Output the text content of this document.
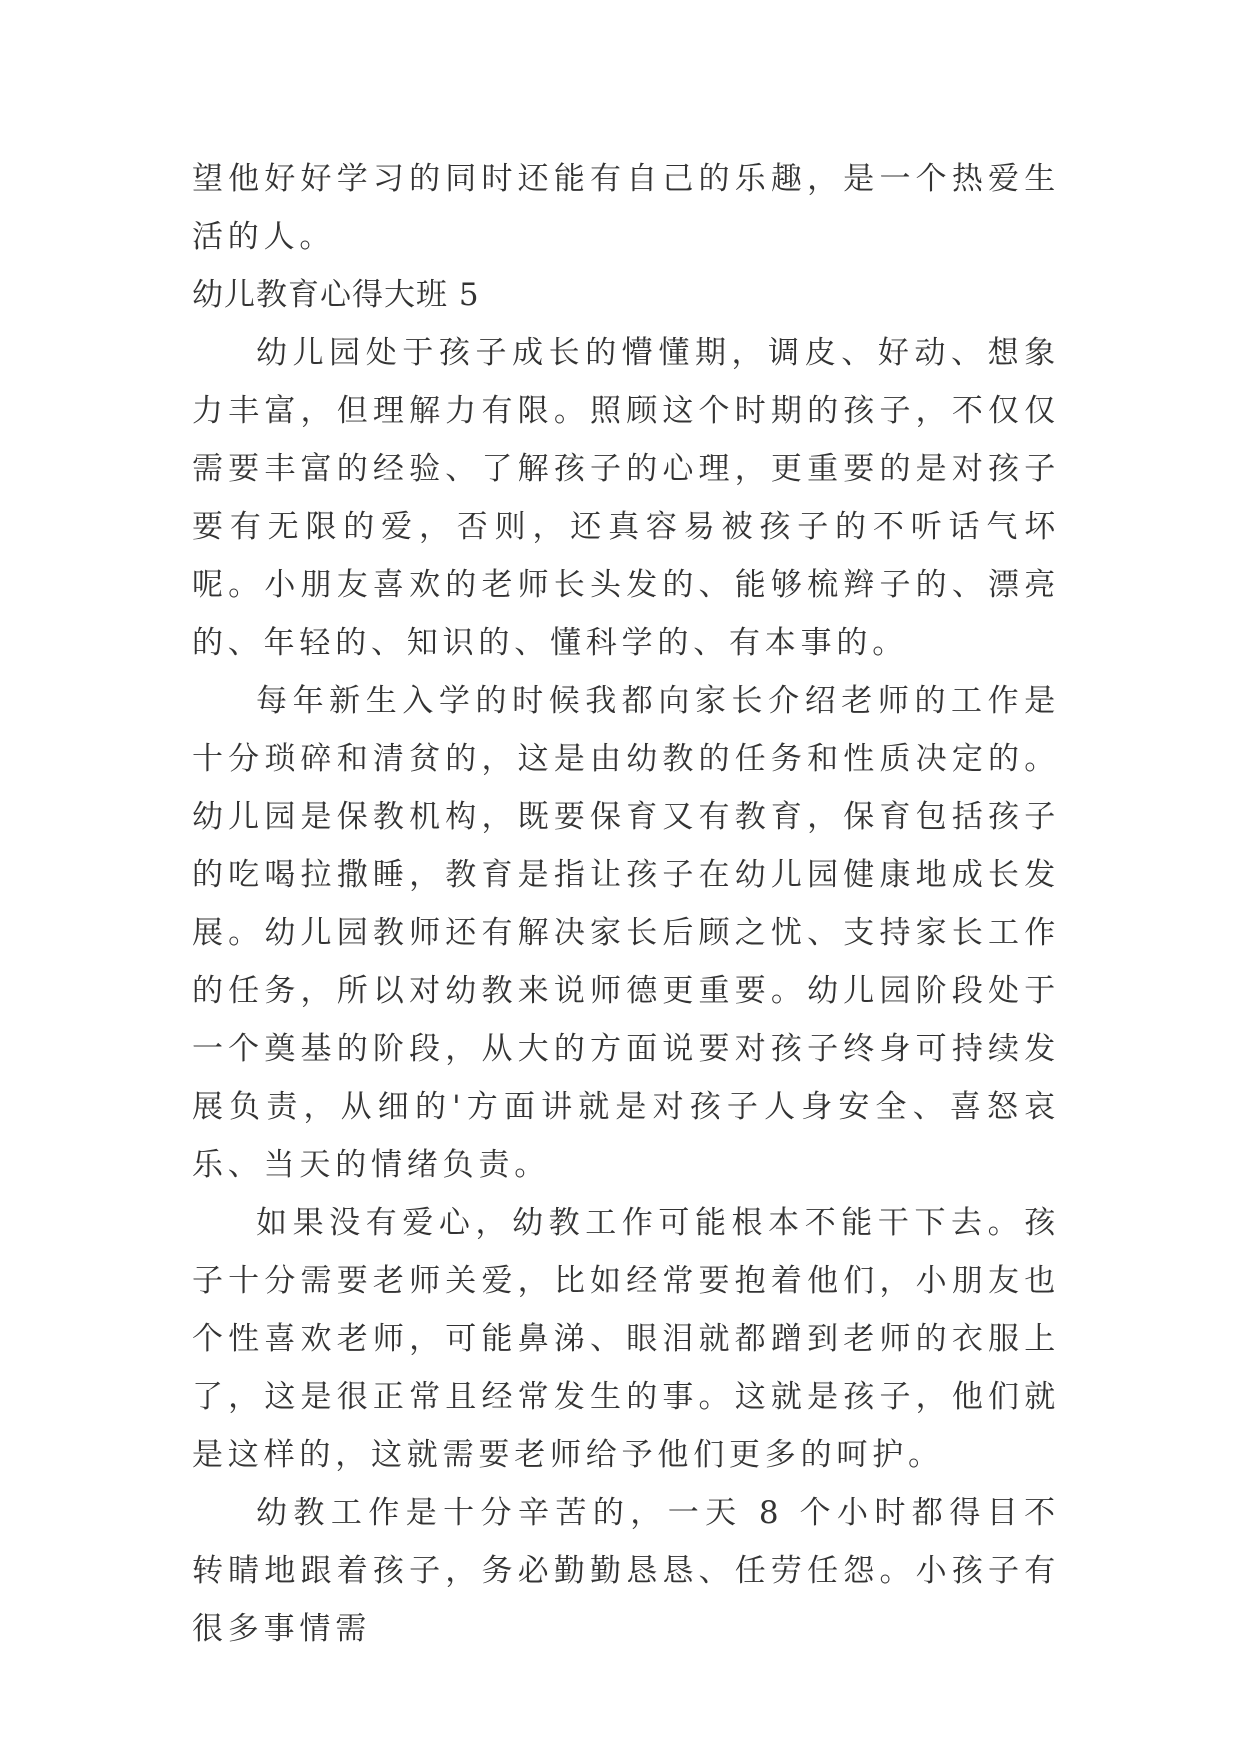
望他好好学习的同时还能有自己的乐趣，是一个热爱生活的人。

幼儿教育心得大班 5

幼儿园处于孩子成长的懵懂期，调皮、好动、想象力丰富，但理解力有限。照顾这个时期的孩子，不仅仅需要丰富的经验、了解孩子的心理，更重要的是对孩子要有无限的爱，否则，还真容易被孩子的不听话气坏呢。小朋友喜欢的老师长头发的、能够梳辫子的、漂亮的、年轻的、知识的、懂科学的、有本事的。

每年新生入学的时候我都向家长介绍老师的工作是十分琐碎和清贫的，这是由幼教的任务和性质决定的。幼儿园是保教机构，既要保育又有教育，保育包括孩子的吃喝拉撒睡，教育是指让孩子在幼儿园健康地成长发展。幼儿园教师还有解决家长后顾之忧、支持家长工作的任务，所以对幼教来说师德更重要。幼儿园阶段处于一个奠基的阶段，从大的方面说要对孩子终身可持续发展负责，从细的'方面讲就是对孩子人身安全、喜怒哀乐、当天的情绪负责。

如果没有爱心，幼教工作可能根本不能干下去。孩子十分需要老师关爱，比如经常要抱着他们，小朋友也个性喜欢老师，可能鼻涕、眼泪就都蹭到老师的衣服上了，这是很正常且经常发生的事。这就是孩子，他们就是这样的，这就需要老师给予他们更多的呵护。

幼教工作是十分辛苦的，一天 8 个小时都得目不转睛地跟着孩子，务必勤勤恳恳、任劳任怨。小孩子有很多事情需
